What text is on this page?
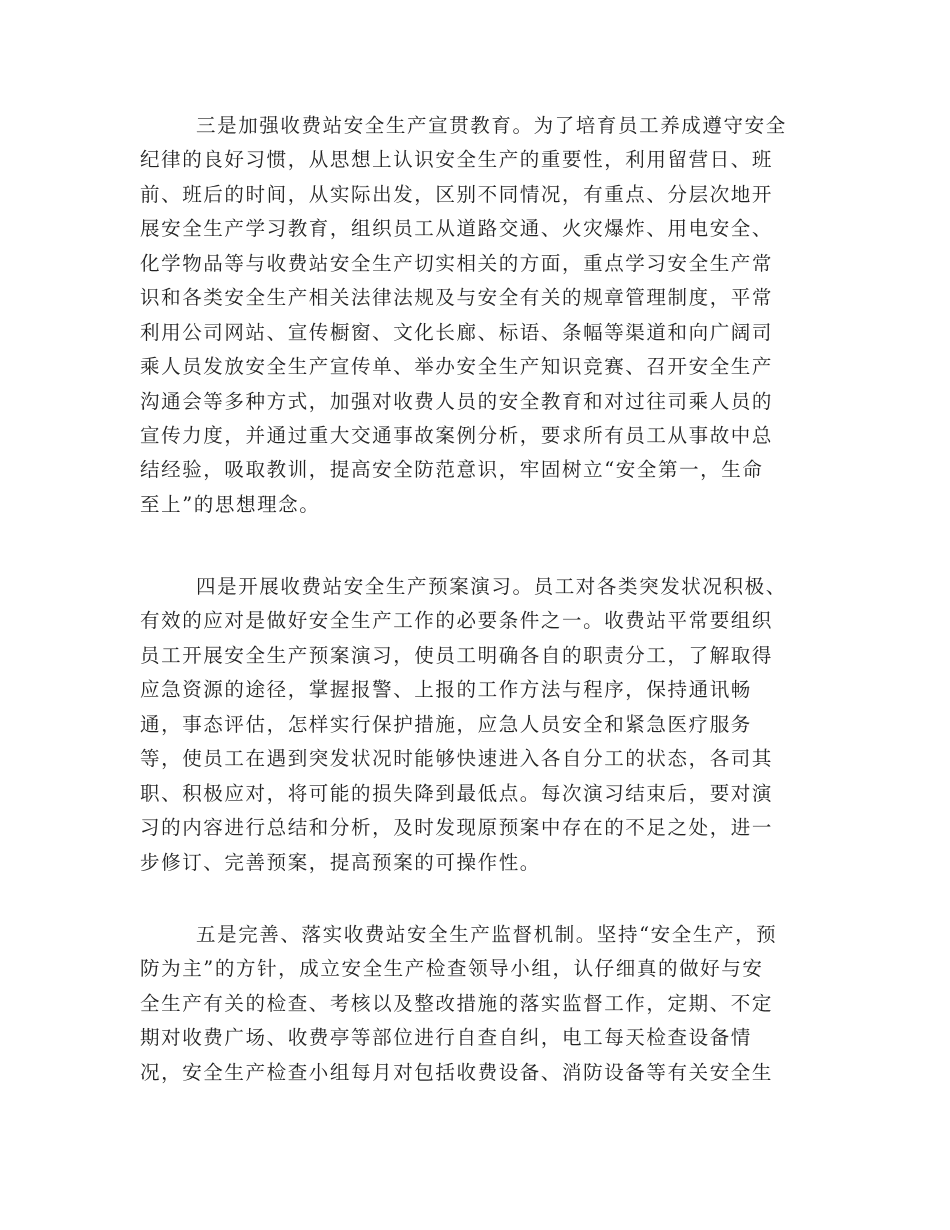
三是加强收费站安全生产宣贯教育。为了培育员工养成遵守安全
纪律的良好习惯，从思想上认识安全生产的重要性，利用留营日、班
前、班后的时间，从实际出发，区别不同情况，有重点、分层次地开
展安全生产学习教育，组织员工从道路交通、火灾爆炸、用电安全、
化学物品等与收费站安全生产切实相关的方面，重点学习安全生产常
识和各类安全生产相关法律法规及与安全有关的规章管理制度，平常
利用公司网站、宣传橱窗、文化长廊、标语、条幅等渠道和向广阔司
乘人员发放安全生产宣传单、举办安全生产知识竞赛、召开安全生产
沟通会等多种方式，加强对收费人员的安全教育和对过往司乘人员的
宣传力度，并通过重大交通事故案例分析，要求所有员工从事故中总
结经验，吸取教训，提高安全防范意识，牢固树立“安全第一，生命
至上”的思想理念。
四是开展收费站安全生产预案演习。员工对各类突发状况积极、
有效的应对是做好安全生产工作的必要条件之一。收费站平常要组织
员工开展安全生产预案演习，使员工明确各自的职责分工，了解取得
应急资源的途径，掌握报警、上报的工作方法与程序，保持通讯畅
通，事态评估，怎样实行保护措施，应急人员安全和紧急医疗服务
等，使员工在遇到突发状况时能够快速进入各自分工的状态，各司其
职、积极应对，将可能的损失降到最低点。每次演习结束后，要对演
习的内容进行总结和分析，及时发现原预案中存在的不足之处，进一
步修订、完善预案，提高预案的可操作性。
五是完善、落实收费站安全生产监督机制。坚持“安全生产，预
防为主”的方针，成立安全生产检查领导小组，认仔细真的做好与安
全生产有关的检查、考核以及整改措施的落实监督工作，定期、不定
期对收费广场、收费亭等部位进行自查自纠，电工每天检查设备情
况，安全生产检查小组每月对包括收费设备、消防设备等有关安全生
